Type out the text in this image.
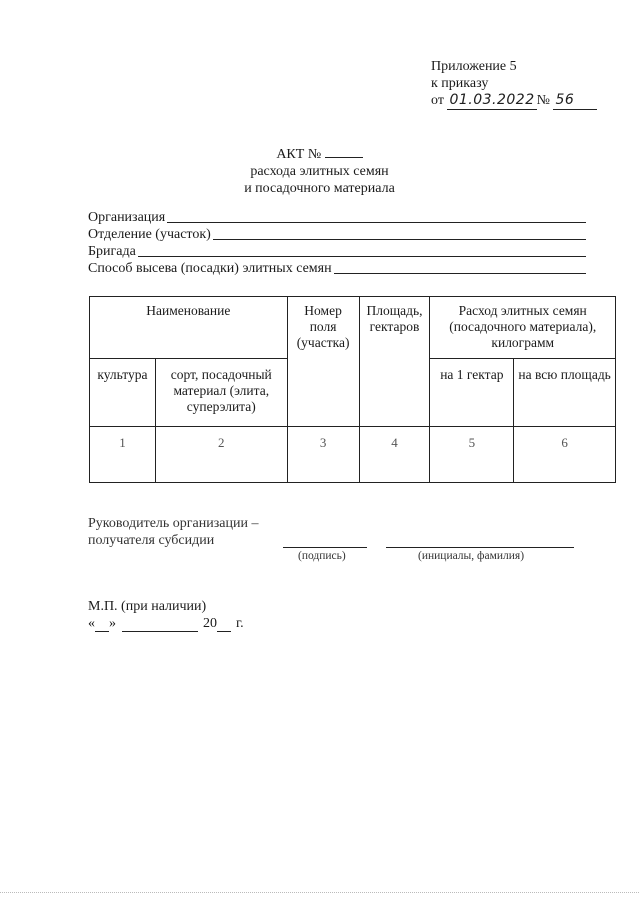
Приложение 5
к приказу
от 01.03.2022 № 56
АКТ №
расхода элитных семян
и посадочного материала
Организация
Отделение (участок)
Бригада
Способ высева (посадки) элитных семян
Наименование		Номер поля (участка)	Площадь, гектаров	Расход элитных семян (посадочного материала), килограмм	
культура	сорт, посадочный материал (элита, суперэлита)			на 1 гектар	на всю площадь
1	2	3	4	5	6
Руководитель организации –
получателя субсидии
(подпись)	(инициалы, фамилия)
М.П. (при наличии)
« »	20 г.
